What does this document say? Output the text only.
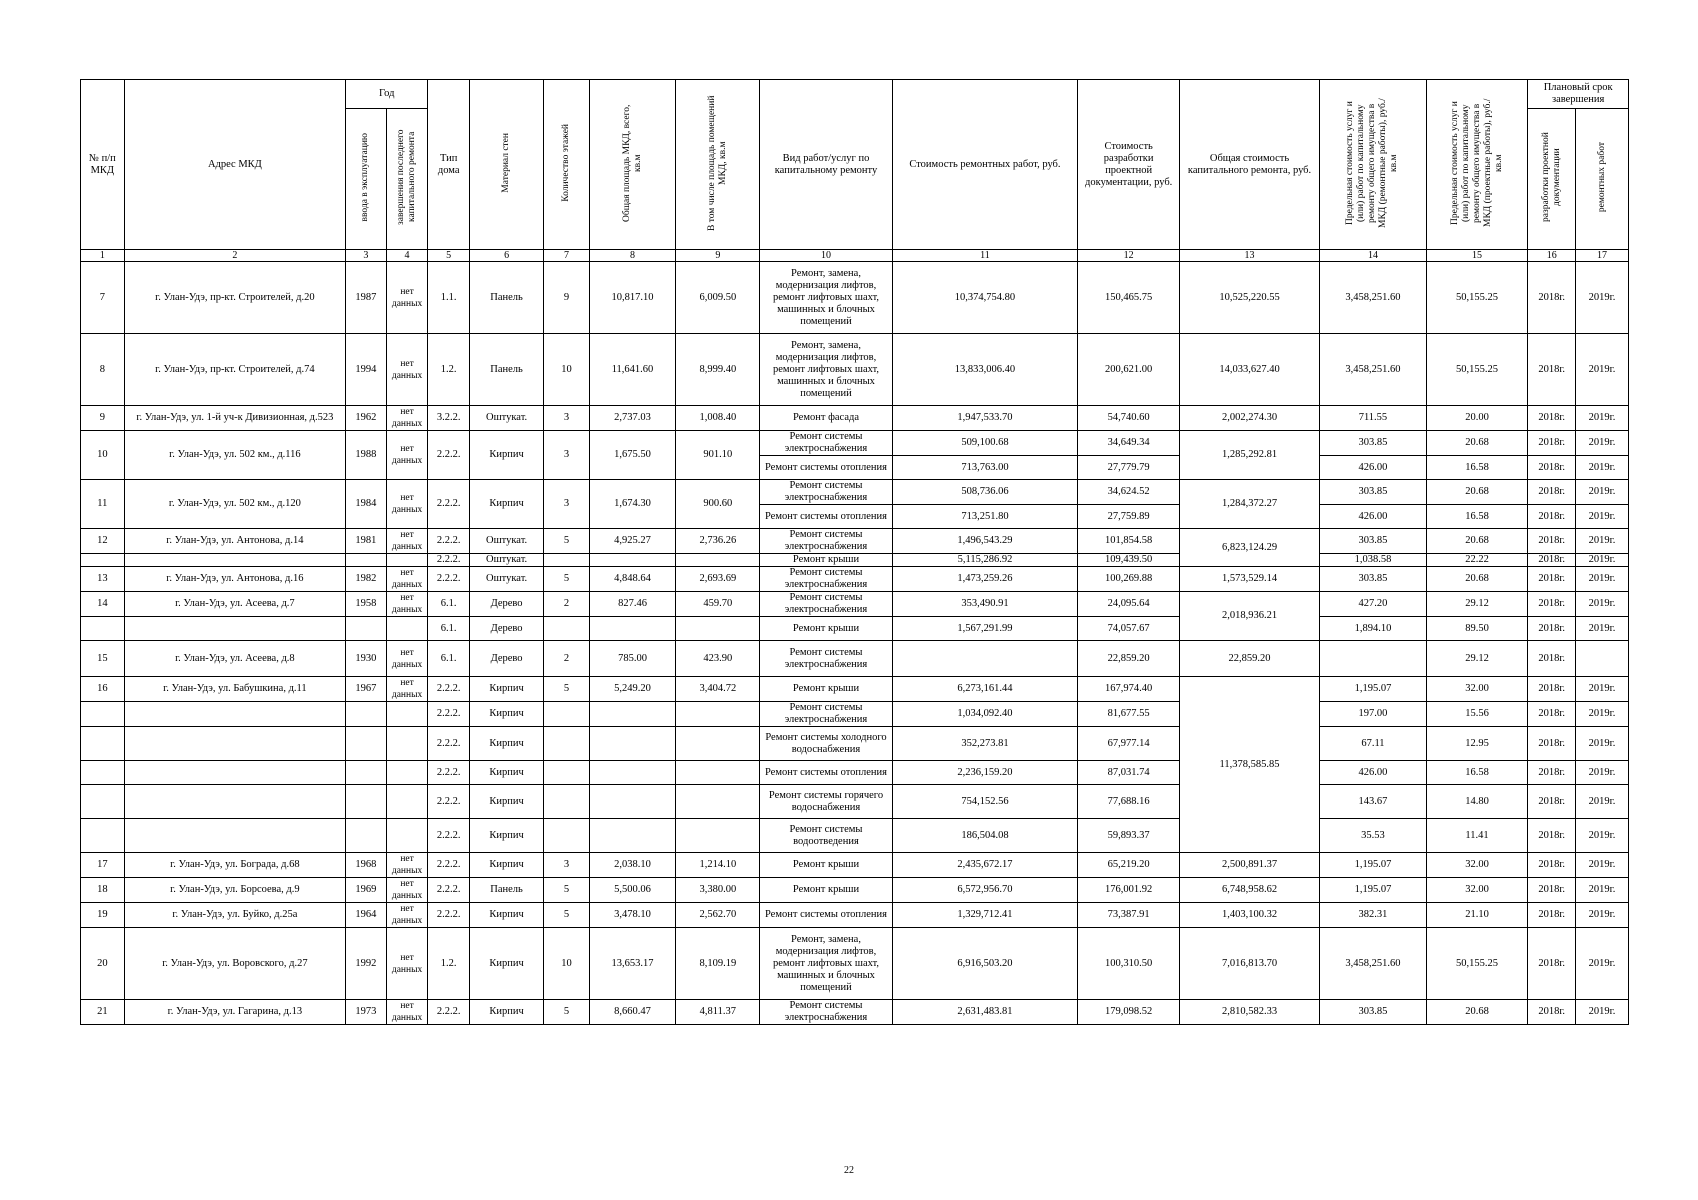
№ п/п МКД	Адрес МКД	Год		Тип дома	Материал стен	Количество этажей	Общая площадь МКД, всего, кв.м	В том числе площадь помещений МКД, кв.м	Вид работ/услуг по капитальному ремонту	Стоимость ремонтных работ, руб.	Стоимость разработки проектной документации, руб.	Общая стоимость капитального ремонта, руб.	Предельная стоимость услуг и (или) работ по капитальному ремонту общего имущества в МКД (ремонтные работы), руб./кв.м	Предельная стоимость услуг и (или) работ по капитальному ремонту общего имущества в МКД (проектные работы), руб./кв.м	Плановый срок завершения	
		ввода в эксплуатацию	завершения последнего капитального ремонта												разработки проектной документации	ремонтных работ
1	2	3	4	5	6	7	8	9	10	11	12	13	14	15	16	17
7	г. Улан-Удэ, пр-кт. Строителей, д.20	1987	нет данных	1.1.	Панель	9	10,817.10	6,009.50	Ремонт, замена, модернизация лифтов, ремонт лифтовых шахт, машинных и блочных помещений	10,374,754.80	150,465.75	10,525,220.55	3,458,251.60	50,155.25	2018г.	2019г.
8	г. Улан-Удэ, пр-кт. Строителей, д.74	1994	нет данных	1.2.	Панель	10	11,641.60	8,999.40	Ремонт, замена, модернизация лифтов, ремонт лифтовых шахт, машинных и блочных помещений	13,833,006.40	200,621.00	14,033,627.40	3,458,251.60	50,155.25	2018г.	2019г.
9	г. Улан-Удэ, ул. 1-й уч-к Дивизионная, д.523	1962	нет данных	3.2.2.	Оштукат.	3	2,737.03	1,008.40	Ремонт фасада	1,947,533.70	54,740.60	2,002,274.30	711.55	20.00	2018г.	2019г.
10	г. Улан-Удэ, ул. 502 км., д.116	1988	нет данных	2.2.2.	Кирпич	3	1,675.50	901.10	Ремонт системы электроснабжения	509,100.68	34,649.34	1,285,292.81	303.85	20.68	2018г.	2019г.
									Ремонт системы отопления	713,763.00	27,779.79		426.00	16.58	2018г.	2019г.
11	г. Улан-Удэ, ул. 502 км., д.120	1984	нет данных	2.2.2.	Кирпич	3	1,674.30	900.60	Ремонт системы электроснабжения	508,736.06	34,624.52	1,284,372.27	303.85	20.68	2018г.	2019г.
									Ремонт системы отопления	713,251.80	27,759.89		426.00	16.58	2018г.	2019г.
12	г. Улан-Удэ, ул. Антонова, д.14	1981	нет данных	2.2.2.	Оштукат.	5	4,925.27	2,736.26	Ремонт системы электроснабжения	1,496,543.29	101,854.58	6,823,124.29	303.85	20.68	2018г.	2019г.
				2.2.2.	Оштукат.				Ремонт крыши	5,115,286.92	109,439.50		1,038.58	22.22	2018г.	2019г.
13	г. Улан-Удэ, ул. Антонова, д.16	1982	нет данных	2.2.2.	Оштукат.	5	4,848.64	2,693.69	Ремонт системы электроснабжения	1,473,259.26	100,269.88	1,573,529.14	303.85	20.68	2018г.	2019г.
14	г. Улан-Удэ, ул. Асеева, д.7	1958	нет данных	6.1.	Дерево	2	827.46	459.70	Ремонт системы электроснабжения	353,490.91	24,095.64	2,018,936.21	427.20	29.12	2018г.	2019г.
				6.1.	Дерево				Ремонт крыши	1,567,291.99	74,057.67		1,894.10	89.50	2018г.	2019г.
15	г. Улан-Удэ, ул. Асеева, д.8	1930	нет данных	6.1.	Дерево	2	785.00	423.90	Ремонт системы электроснабжения		22,859.20	22,859.20		29.12	2018г.	
16	г. Улан-Удэ, ул. Бабушкина, д.11	1967	нет данных	2.2.2.	Кирпич	5	5,249.20	3,404.72	Ремонт крыши	6,273,161.44	167,974.40	11,378,585.85	1,195.07	32.00	2018г.	2019г.
				2.2.2.	Кирпич				Ремонт системы электроснабжения	1,034,092.40	81,677.55		197.00	15.56	2018г.	2019г.
				2.2.2.	Кирпич				Ремонт системы холодного водоснабжения	352,273.81	67,977.14		67.11	12.95	2018г.	2019г.
				2.2.2.	Кирпич				Ремонт системы отопления	2,236,159.20	87,031.74		426.00	16.58	2018г.	2019г.
				2.2.2.	Кирпич				Ремонт системы горячего водоснабжения	754,152.56	77,688.16		143.67	14.80	2018г.	2019г.
				2.2.2.	Кирпич				Ремонт системы водоотведения	186,504.08	59,893.37		35.53	11.41	2018г.	2019г.
17	г. Улан-Удэ, ул. Бограда, д.68	1968	нет данных	2.2.2.	Кирпич	3	2,038.10	1,214.10	Ремонт крыши	2,435,672.17	65,219.20	2,500,891.37	1,195.07	32.00	2018г.	2019г.
18	г. Улан-Удэ, ул. Борсоева, д.9	1969	нет данных	2.2.2.	Панель	5	5,500.06	3,380.00	Ремонт крыши	6,572,956.70	176,001.92	6,748,958.62	1,195.07	32.00	2018г.	2019г.
19	г. Улан-Удэ, ул. Буйко, д.25а	1964	нет данных	2.2.2.	Кирпич	5	3,478.10	2,562.70	Ремонт системы отопления	1,329,712.41	73,387.91	1,403,100.32	382.31	21.10	2018г.	2019г.
20	г. Улан-Удэ, ул. Воровского, д.27	1992	нет данных	1.2.	Кирпич	10	13,653.17	8,109.19	Ремонт, замена, модернизация лифтов, ремонт лифтовых шахт, машинных и блочных помещений	6,916,503.20	100,310.50	7,016,813.70	3,458,251.60	50,155.25	2018г.	2019г.
21	г. Улан-Удэ, ул. Гагарина, д.13	1973	нет данных	2.2.2.	Кирпич	5	8,660.47	4,811.37	Ремонт системы электроснабжения	2,631,483.81	179,098.52	2,810,582.33	303.85	20.68	2018г.	2019г.
22
